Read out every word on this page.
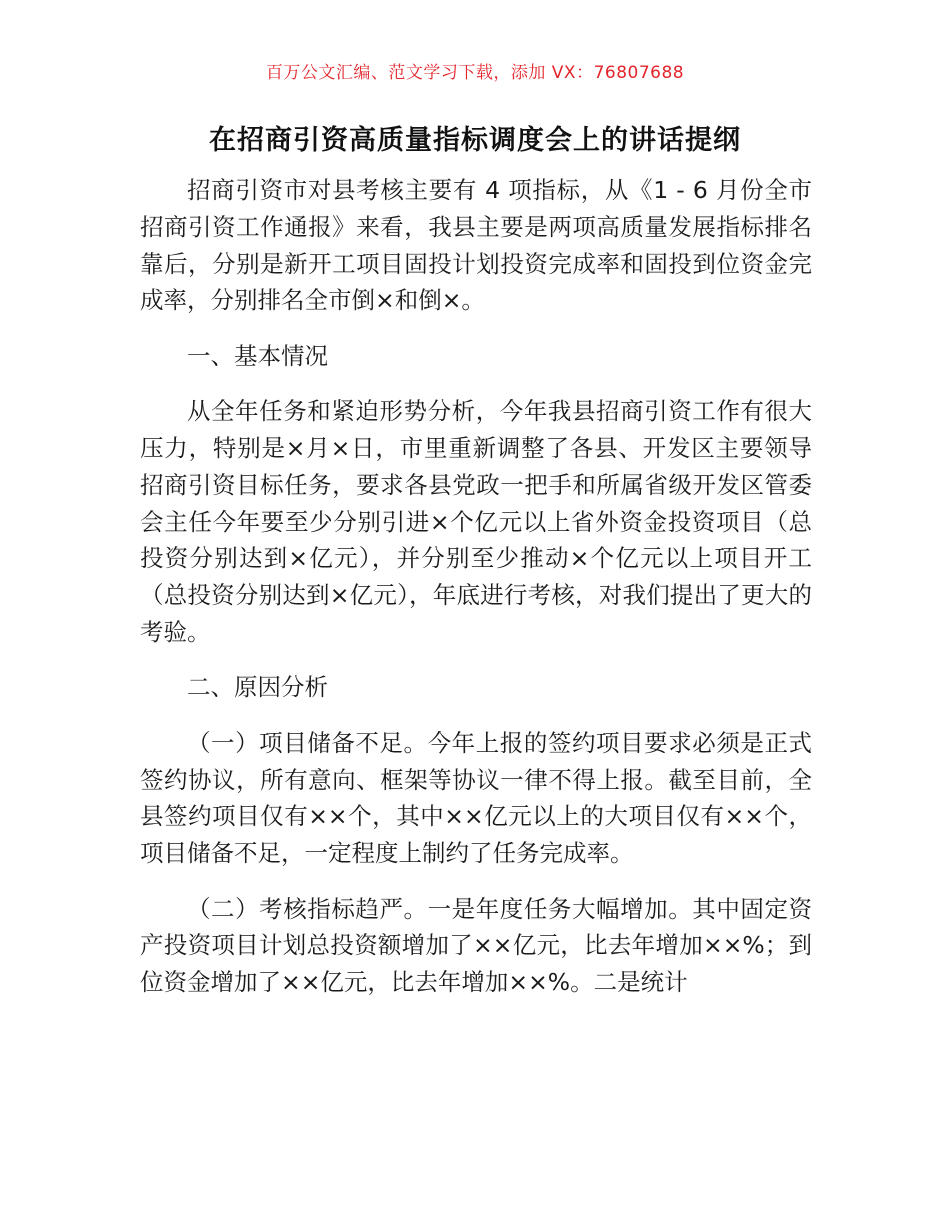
百万公文汇编、范文学习下载，添加 VX：76807688
在招商引资高质量指标调度会上的讲话提纲

招商引资市对县考核主要有 4 项指标，从《1 - 6 月份全市招商引资工作通报》来看，我县主要是两项高质量发展指标排名靠后，分别是新开工项目固投计划投资完成率和固投到位资金完成率，分别排名全市倒×和倒×。

一、基本情况

从全年任务和紧迫形势分析，今年我县招商引资工作有很大压力，特别是×月×日，市里重新调整了各县、开发区主要领导招商引资目标任务，要求各县党政一把手和所属省级开发区管委会主任今年要至少分别引进×个亿元以上省外资金投资项目（总投资分别达到×亿元），并分别至少推动×个亿元以上项目开工（总投资分别达到×亿元），年底进行考核，对我们提出了更大的考验。

二、原因分析

（一）项目储备不足。今年上报的签约项目要求必须是正式签约协议，所有意向、框架等协议一律不得上报。截至目前，全县签约项目仅有××个，其中××亿元以上的大项目仅有××个，项目储备不足，一定程度上制约了任务完成率。

（二）考核指标趋严。一是年度任务大幅增加。其中固定资产投资项目计划总投资额增加了××亿元，比去年增加××%；到位资金增加了××亿元，比去年增加××%。二是统计
